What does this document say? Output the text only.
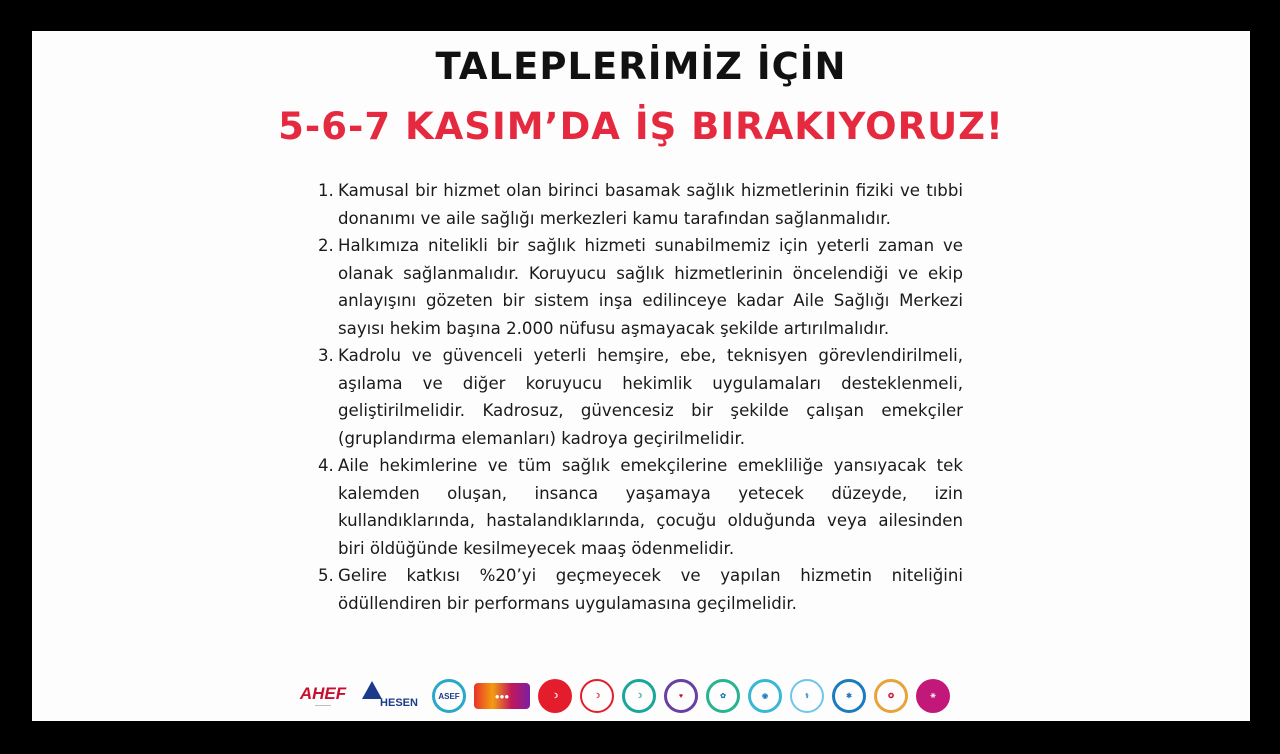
TALEPLERİMİZ İÇİN
5-6-7 KASIM’DA İŞ BIRAKIYORUZ!
1. Kamusal bir hizmet olan birinci basamak sağlık hizmetlerinin fiziki ve tıbbi donanımı ve aile sağlığı merkezleri kamu tarafından sağlanmalıdır.
2. Halkımıza nitelikli bir sağlık hizmeti sunabilmemiz için yeterli zaman ve olanak sağlanmalıdır. Koruyucu sağlık hizmetlerinin öncelendiği ve ekip anlayışını gözeten bir sistem inşa edilinceye kadar Aile Sağlığı Merkezi sayısı hekim başına 2.000 nüfusu aşmayacak şekilde artırılmalıdır.
3. Kadrolu ve güvenceli yeterli hemşire, ebe, teknisyen görevlendirilmeli, aşılama ve diğer koruyucu hekimlik uygulamaları desteklenmeli, geliştirilmelidir. Kadrosuz, güvencesiz bir şekilde çalışan emekçiler (gruplandırma elemanları) kadroya geçirilmelidir.
4. Aile hekimlerine ve tüm sağlık emekçilerine emekliliğe yansıyacak tek kalemden oluşan, insanca yaşamaya yetecek düzeyde, izin kullandıklarında, hastalandıklarında, çocuğu olduğunda veya ailesinden biri öldüğünde kesilmeyecek maaş ödenmelidir.
5. Gelire katkısı %20’yi geçmeyecek ve yapılan hizmetin niteliğini ödüllendiren bir performans uygulamasına geçilmelidir.
AHEF
――――	HESEN
ASEF	●●●	☽	☽	☽	♥	✿	◉	⚕	✱	✪	✳
